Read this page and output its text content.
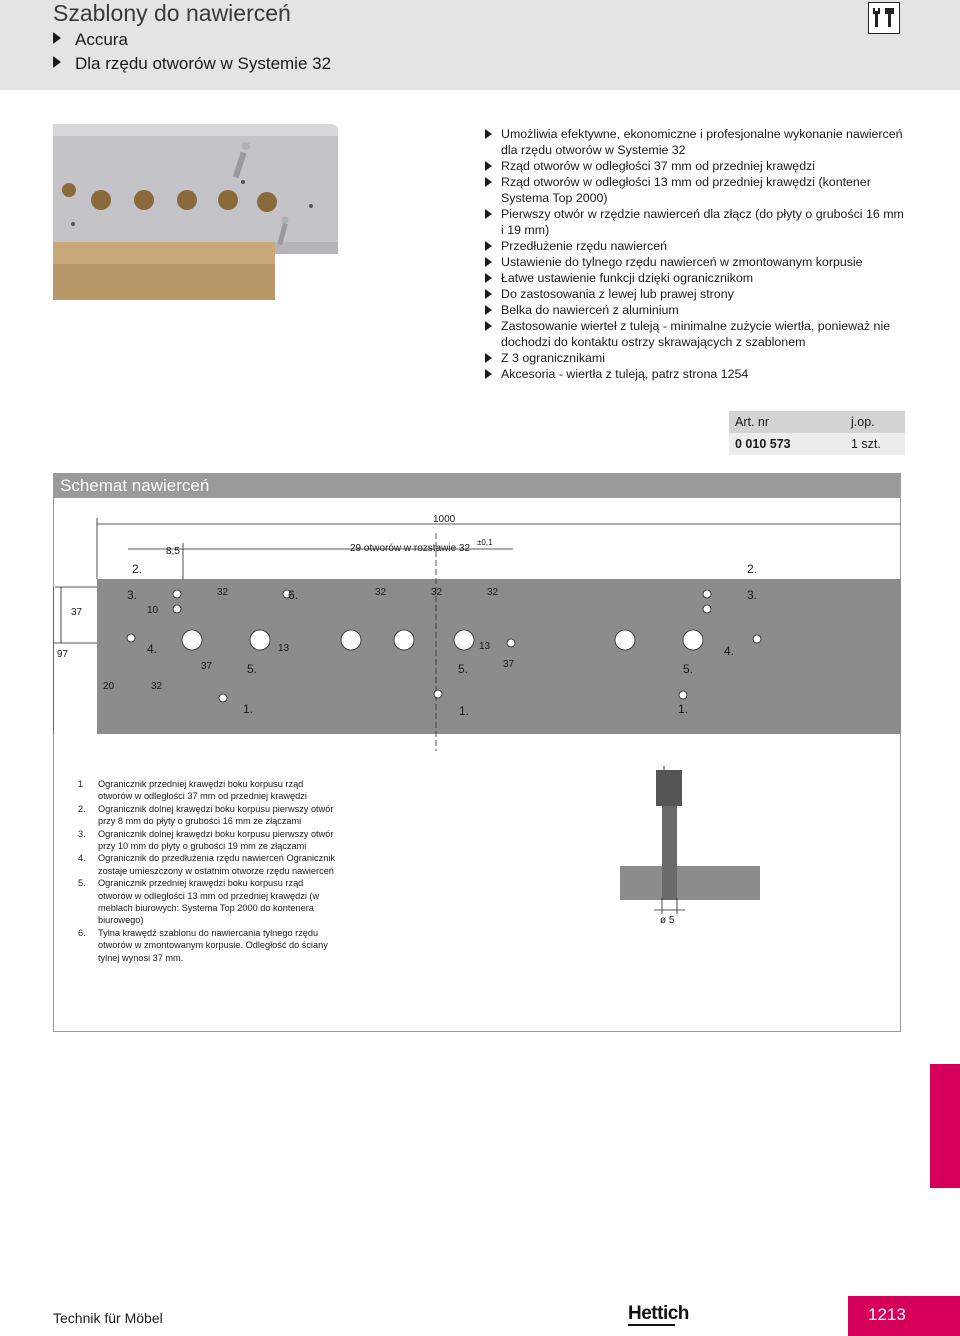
Szablony do nawierceń
Accura
Dla rzędu otworów w Systemie 32
Umożliwia efektywne, ekonomiczne i profesjonalne wykonanie nawierceń dla rzędu otworów w Systemie 32
Rząd otworów w odległości 37 mm od przedniej krawędzi
Rząd otworów w odległości 13 mm od przedniej krawędzi (kontener Systema Top 2000)
Pierwszy otwór w rzędzie nawierceń dla złącz (do płyty o grubości 16 mm i 19 mm)
Przedłużenie rzędu nawierceń
Ustawienie do tylnego rzędu nawierceń w zmontowanym korpusie
Łatwe ustawienie funkcji dzięki ogranicznikom
Do zastosowania z lewej lub prawej strony
Belka do nawierceń z aluminium
Zastosowanie wierteł z tuleją - minimalne zużycie wiertła, ponieważ nie dochodzi do kontaktu ostrzy skrawających z szablonem
Z 3 ogranicznikami
Akcesoria - wiertła z tuleją, patrz strona 1254
Art. nr	j.op.
0 010 573	1 szt.
Schemat nawierceń
1000
8,5	29 otworów w rozstawie 32
±0,1
37
97
2.	2.
3.	3.
6.
4.	4.
5.	5.	5.
1.	1.	1.
10
32	32	32	32
32
20
37	37
13	13
1	Ogranicznik przedniej krawędzi boku korpusu rząd otworów w odległości 37 mm od przedniej krawędzi
2.	Ogranicznik dolnej krawędzi boku korpusu pierwszy otwór przy 8 mm do płyty o grubości 16 mm ze złączami
3.	Ogranicznik dolnej krawędzi boku korpusu pierwszy otwór przy 10 mm do płyty o grubości 19 mm ze złączami
4.	Ogranicznik do przedłużenia rzędu nawierceń Ogranicznik zostaje umieszczony w ostatnim otworze rzędu nawierceń
5.	Ogranicznik przedniej krawędzi boku korpusu rząd otworów w odległości 13 mm od przedniej krawędzi (w meblach biurowych: Systema Top 2000 do kontenera biurowego)
6.	Tylna krawędź szablonu do nawiercania tylnego rzędu otworów w zmontowanym korpusie. Odległość do ściany tylnej wynosi 37 mm.
ø 5
Technik für Möbel	Hettich	1213
